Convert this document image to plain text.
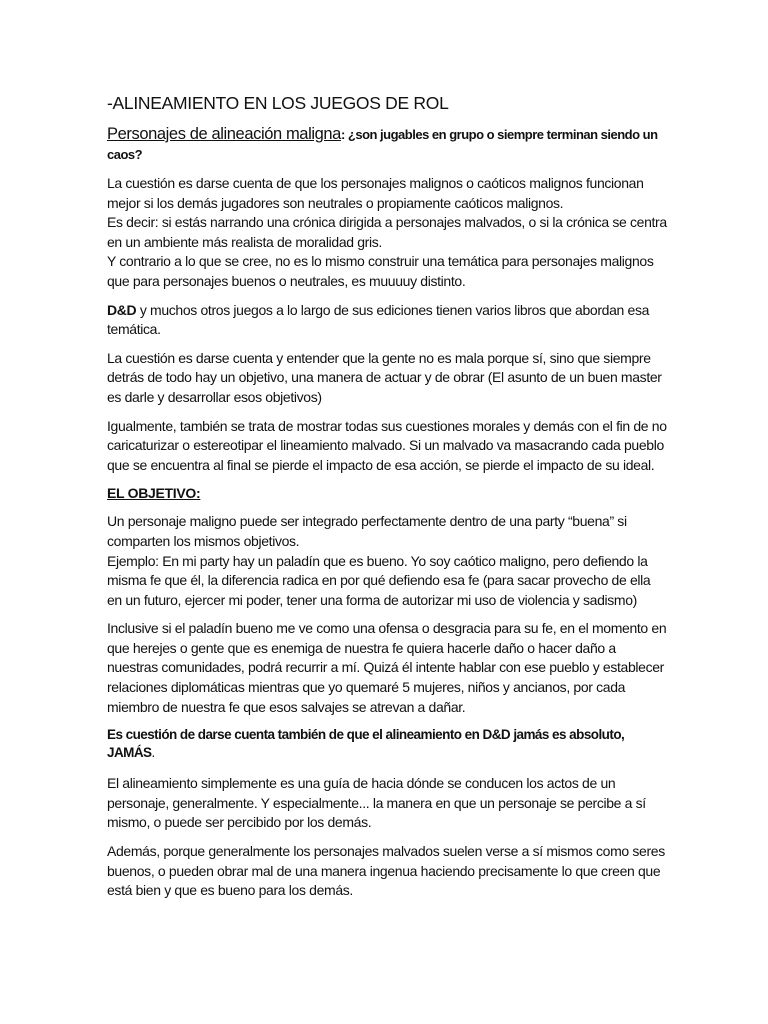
-ALINEAMIENTO EN LOS JUEGOS DE ROL
Personajes de alineación maligna: ¿son jugables en grupo o siempre terminan siendo un caos?

La cuestión es darse cuenta de que los personajes malignos o caóticos malignos funcionan mejor si los demás jugadores son neutrales o propiamente caóticos malignos.
Es decir: si estás narrando una crónica dirigida a personajes malvados, o si la crónica se centra en un ambiente más realista de moralidad gris.
Y contrario a lo que se cree, no es lo mismo construir una temática para personajes malignos que para personajes buenos o neutrales, es muuuuy distinto.

D&D y muchos otros juegos a lo largo de sus ediciones tienen varios libros que abordan esa temática.

La cuestión es darse cuenta y entender que la gente no es mala porque sí, sino que siempre detrás de todo hay un objetivo, una manera de actuar y de obrar (El asunto de un buen master es darle y desarrollar esos objetivos)

Igualmente, también se trata de mostrar todas sus cuestiones morales y demás con el fin de no caricaturizar o estereotipar el lineamiento malvado. Si un malvado va masacrando cada pueblo que se encuentra al final se pierde el impacto de esa acción, se pierde el impacto de su ideal.

EL OBJETIVO:

Un personaje maligno puede ser integrado perfectamente dentro de una party “buena” si comparten los mismos objetivos.
Ejemplo: En mi party hay un paladín que es bueno. Yo soy caótico maligno, pero defiendo la misma fe que él, la diferencia radica en por qué defiendo esa fe (para sacar provecho de ella en un futuro, ejercer mi poder, tener una forma de autorizar mi uso de violencia y sadismo)

Inclusive si el paladín bueno me ve como una ofensa o desgracia para su fe, en el momento en que herejes o gente que es enemiga de nuestra fe quiera hacerle daño o hacer daño a nuestras comunidades, podrá recurrir a mí. Quizá él intente hablar con ese pueblo y establecer relaciones diplomáticas mientras que yo quemaré 5 mujeres, niños y ancianos, por cada miembro de nuestra fe que esos salvajes se atrevan a dañar.

Es cuestión de darse cuenta también de que el alineamiento en D&D jamás es absoluto, JAMÁS.

El alineamiento simplemente es una guía de hacia dónde se conducen los actos de un personaje, generalmente. Y especialmente... la manera en que un personaje se percibe a sí mismo, o puede ser percibido por los demás.

Además, porque generalmente los personajes malvados suelen verse a sí mismos como seres buenos, o pueden obrar mal de una manera ingenua haciendo precisamente lo que creen que está bien y que es bueno para los demás.
